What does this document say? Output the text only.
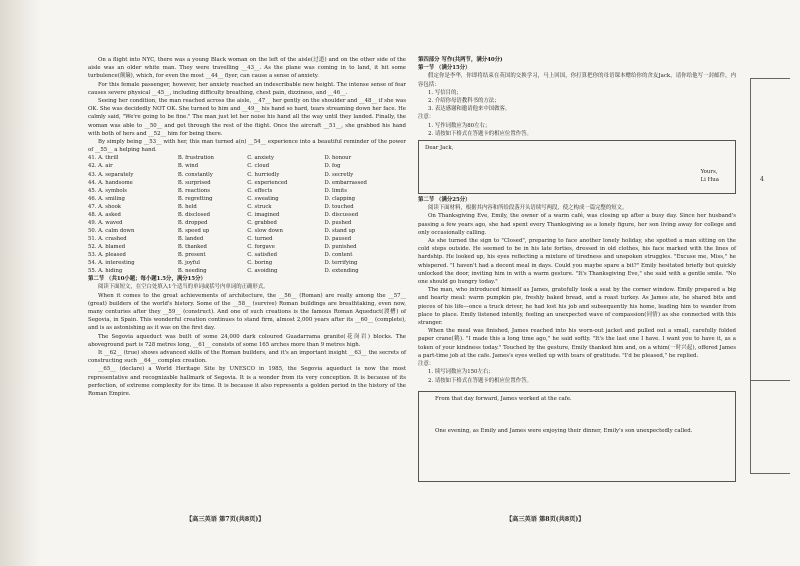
On a flight into NYC, there was a young Black woman on the left of the aisle(过道) and on the other side of the aisle was an older white man. They were travelling __43__. As the plane was coming in to land, it hit some turbulence(颠簸), which, for even the most __44__ flyer, can cause a sense of anxiety.

For this female passenger, however, her anxiety reached an indescribable new height. The intense sense of fear causes severe physical __45__, including difficulty breathing, chest pain, dizziness, and __46__.

Seeing her condition, the man reached across the aisle, __47__ her gently on the shoulder and __48__ if she was OK. She was decidedly NOT OK. She turned to him and __49__ his hand so hard, tears streaming down her face. He calmly said, "We're going to be fine." The man just let her noise his hand all the way until they landed. Finally, the woman was able to __50__ and get through the rest of the flight. Once the aircraft __51__, she grabbed his hand with both of hers and __52__ him for being there.

By simply being __53__ with her, this man turned a(n) __54__ experience into a beautiful reminder of the power of __55__ a helping hand.

41. A. thrill	B. frustration	C. anxiety	D. honour
42. A. air	B. wind	C. cloud	D. fog
43. A. separately	B. constantly	C. hurriedly	D. secretly
44. A. handsome	B. surprised	C. experienced	D. embarrassed
45. A. symbols	B. reactions	C. effects	D. limits
46. A. smiling	B. regretting	C. sweating	D. clapping
47. A. shook	B. held	C. struck	D. touched
48. A. asked	B. disclosed	C. imagined	D. discussed
49. A. waved	B. dropped	C. grabbed	D. pushed
50. A. calm down	B. speed up	C. slow down	D. stand up
51. A. crashed	B. landed	C. turned	D. paused
52. A. blamed	B. thanked	C. forgave	D. punished
53. A. pleased	B. present	C. satisfied	D. content
54. A. interesting	B. joyful	C. boring	D. terrifying
55. A. hiding	B. needing	C. avoiding	D. extending

第二节 （共10小题；每小题1.5分，满分15分）

阅读下面短文，在空白处填入1个适当的单词或括号内单词的正确形式。

When it comes to the great achievements of architecture, the __56__ (Roman) are really among the __57__ (great) builders of the world's history. Some of the __58__ (survive) Roman buildings are breathtaking, even now, many centuries after they __59__ (construct). And one of such creations is the famous Roman Aqueduct(渡槽) of Segovia, in Spain. This wonderful creation continues to stand firm, almost 2,000 years after its __60__ (complete), and is as astonishing as it was on the first day.

The Segovia aqueduct was built of some 24,000 dark coloured Guadarrama granite(花岗岩) blocks. The aboveground part is 728 metres long, __61__ consists of some 165 arches more than 9 metres high.

It __62__ (true) shows advanced skills of the Roman builders, and it's an important insight __63__ the secrets of constructing such __64__ complex creation.

__65__ (declare) a World Heritage Site by UNESCO in 1985, the Segovia aqueduct is now the most representative and recognizable hallmark of Segovia. It is a wonder from its very conception. It is because of its perfection, of extreme complexity for its time. It is because it also represents a golden period in the history of the Roman Empire.

【高三英语 第7页(共8页)】

第四部分 写作(共两节，满分40分)

第一节 （满分15分）

假定你是李华，你即将结束在英国的交换学习，马上回国，你打算把你的母语课本赠给你的舍友Jack，请你给他写一封邮件，内容包括：

1. 写信目的；

2. 介绍你母语教科书的方法；

3. 表达感谢和邀请他来中国做客。

注意：

1. 写作词数应为80左右；

2. 请按如下格式在答题卡的相应位置作答。

Dear Jack,
Yours,
Li Hua

第二节 （满分25分）

阅读下面材料，根据其内容和所给段落开头语续写两段，使之构成一篇完整的短文。

On Thanksgiving Eve, Emily, the owner of a warm café, was closing up after a busy day. Since her husband's passing a few years ago, she had spent every Thanksgiving as a lonely figure, her son living away for college and only occasionally calling.

As she turned the sign to "Closed", preparing to face another lonely holiday, she spotted a man sitting on the cold steps outside. He seemed to be in his late forties, dressed in old clothes, his face marked with the lines of hardship. He looked up, his eyes reflecting a mixture of tiredness and unspoken struggles. "Excuse me, Miss," he whispered. "I haven't had a decent meal in days. Could you maybe spare a bit?" Emily hesitated briefly but quickly unlocked the door, inviting him in with a warm gesture. "It's Thanksgiving Eve," she said with a gentle smile. "No one should go hungry today."

The man, who introduced himself as James, gratefully took a seat by the corner window. Emily prepared a big and hearty meal: warm pumpkin pie, freshly baked bread, and a roast turkey. As James ate, he shared bits and pieces of his life—once a truck driver, he had lost his job and subsequently his home, leading him to wander from place to place. Emily listened intently, feeling an unexpected wave of compassion(同情) as she connected with this stranger.

When the meal was finished, James reached into his worn-out jacket and pulled out a small, carefully folded paper crane(鹤). "I made this a long time ago," he said softly. "It's the last one I have. I want you to have it, as a token of your kindness today." Touched by the gesture, Emily thanked him and, on a whim(一时兴起), offered James a part-time job at the cafe. James's eyes welled up with tears of gratitude. "I'd be pleased," he replied.

注意：

1. 续写词数应为150左右；

2. 请按如下格式在答题卡的相应位置作答。

From that day forward, James worked at the cafe.

One evening, as Emily and James were enjoying their dinner, Emily's son unexpectedly called.

【高三英语 第8页(共8页)】
4
